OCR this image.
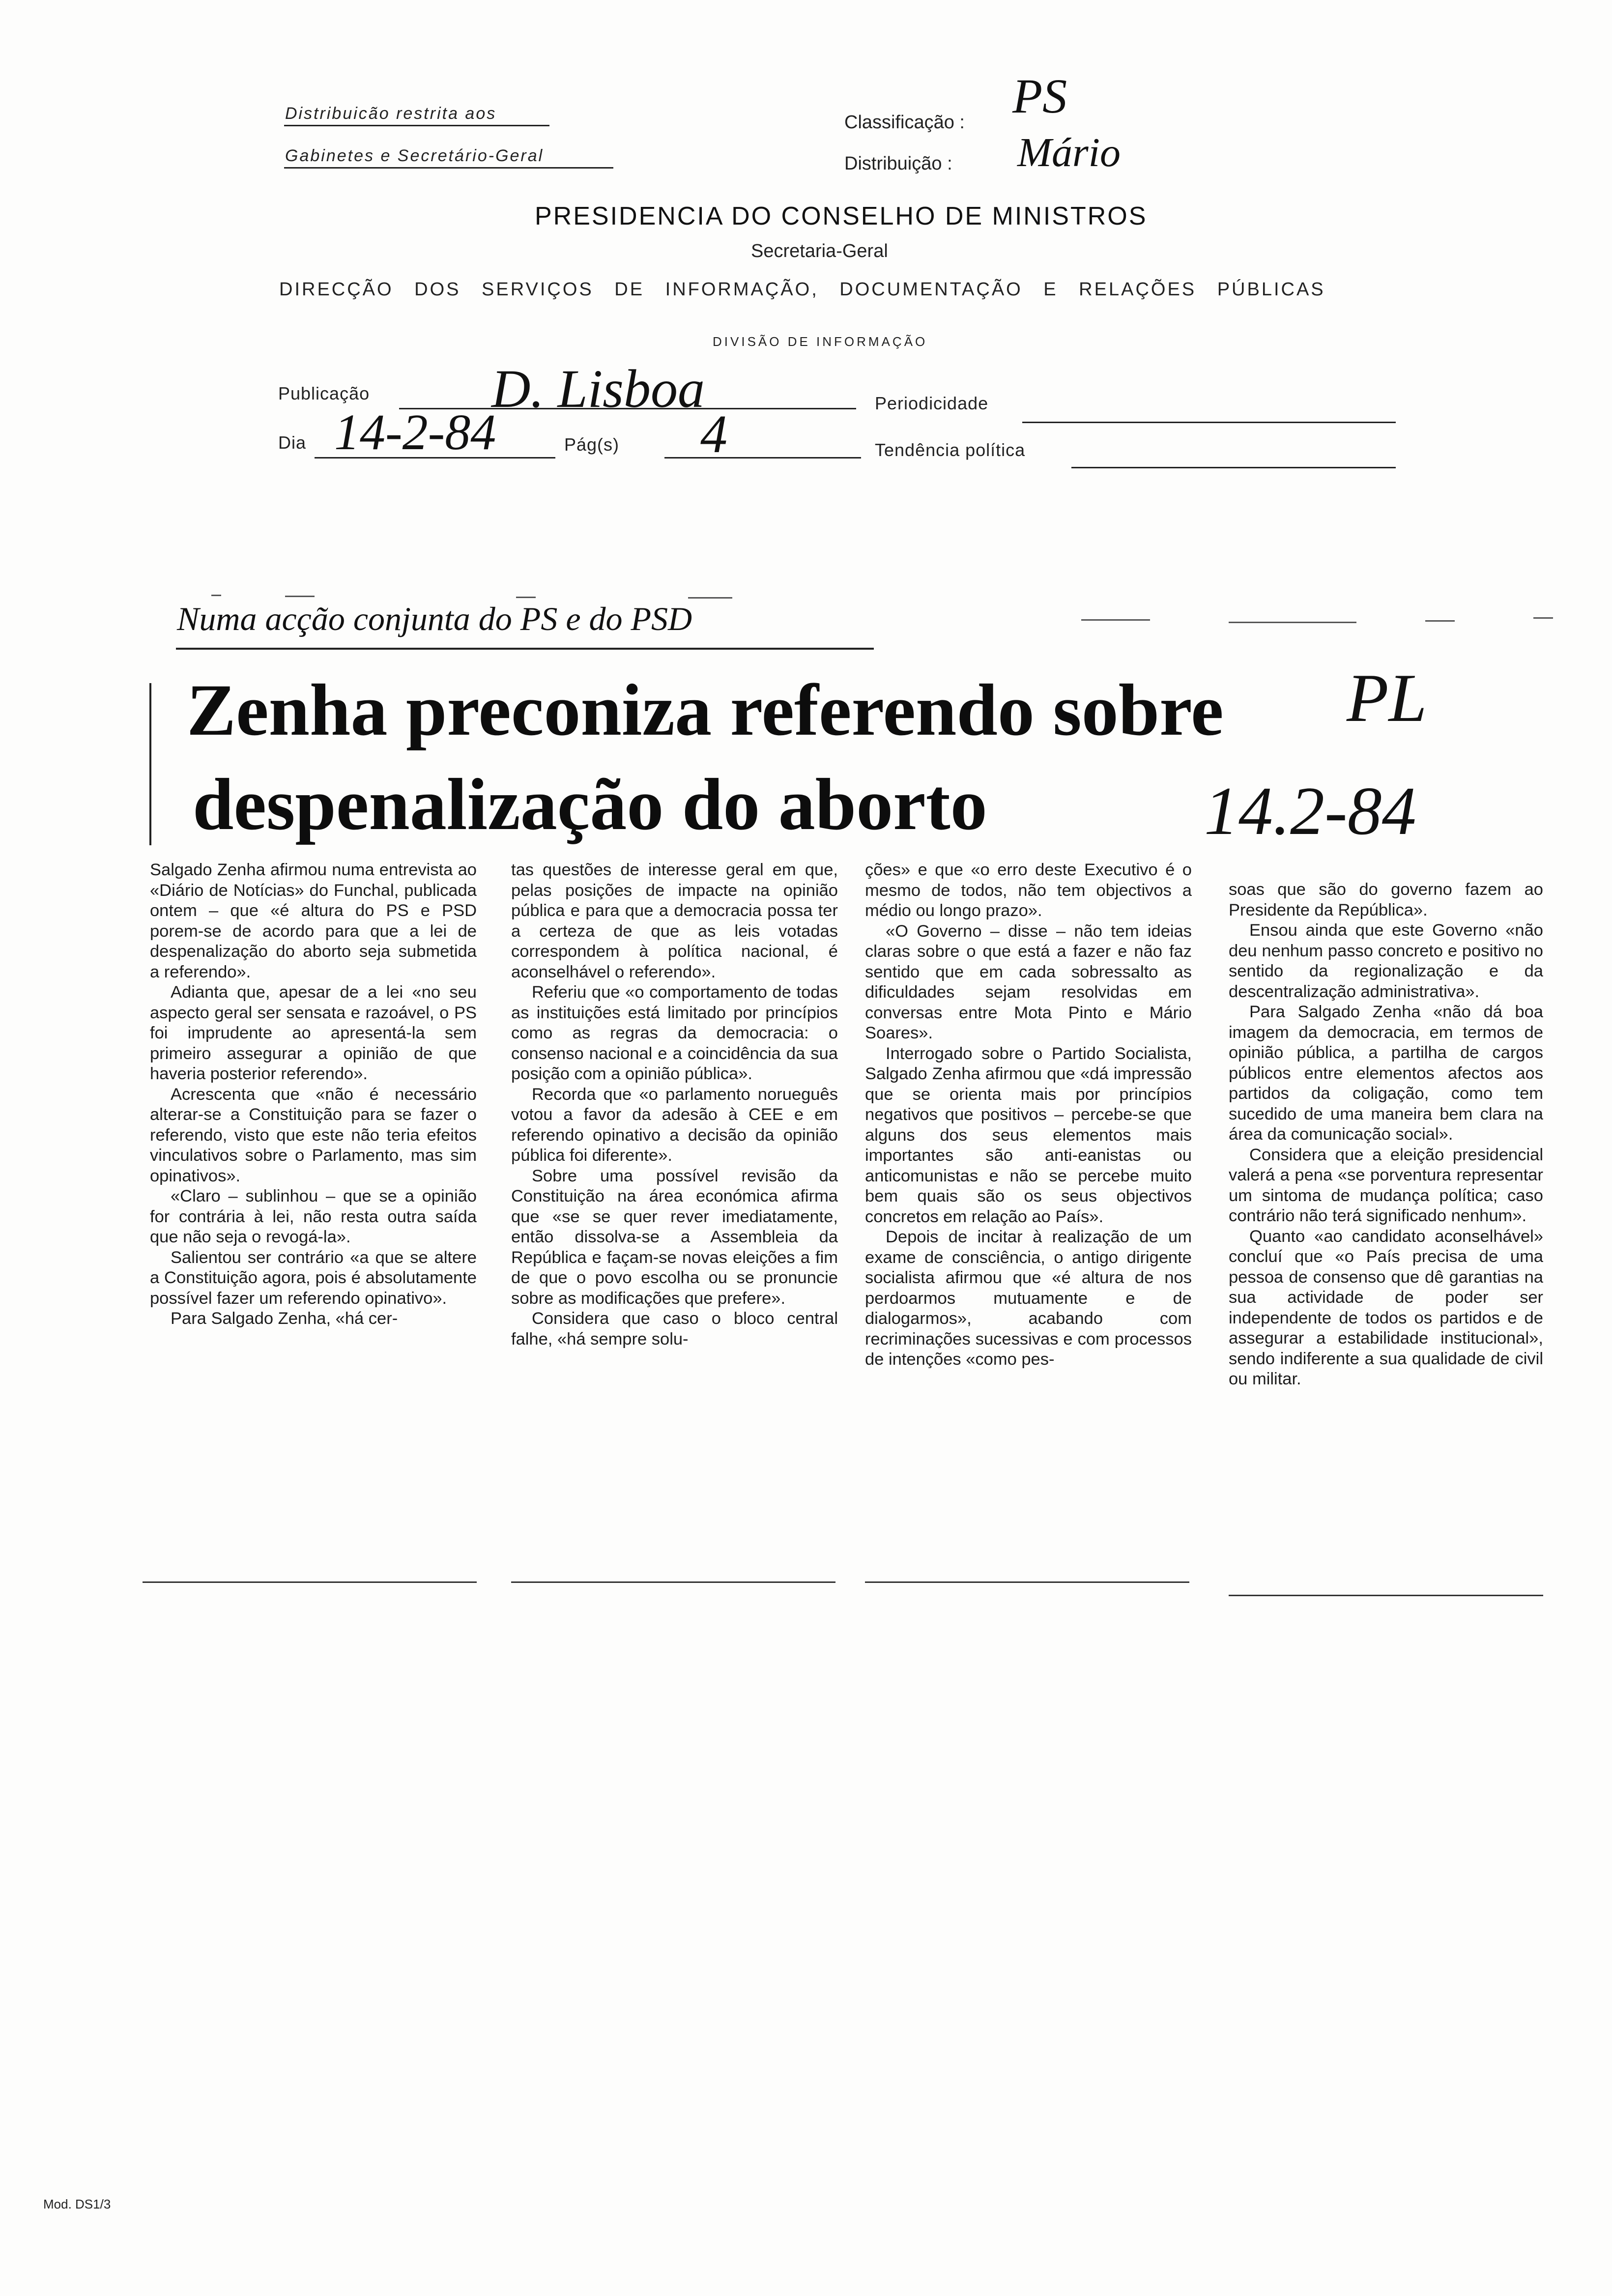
Distribuicão restrita aos
Gabinetes e Secretário-Geral
Classificação : PS
Distribuição : Mário
PRESIDENCIA DO CONSELHO DE MINISTROS
Secretaria-Geral
DIRECÇÃO DOS SERVIÇOS DE INFORMAÇÃO, DOCUMENTAÇÃO E RELAÇÕES PÚBLICAS
DIVISÃO DE INFORMAÇÃO
Publicação D. Lisboa	Periodicidade
Dia 14-2-84	Pág(s) 4	Tendência política
Numa acção conjunta do PS e do PSD
Zenha preconiza referendo sobre
despenalização do aborto
PL
14.2-84

Salgado Zenha afirmou numa entrevista ao «Diário de Notícias» do Funchal, publicada ontem – que «é altura do PS e PSD porem-se de acordo para que a lei de despenalização do aborto seja submetida a referendo».

Adianta que, apesar de a lei «no seu aspecto geral ser sensata e razoável, o PS foi imprudente ao apresentá-la sem primeiro assegurar a opinião de que haveria posterior referendo».

Acrescenta que «não é necessário alterar-se a Constituição para se fazer o referendo, visto que este não teria efeitos vinculativos sobre o Parlamento, mas sim opinativos».

«Claro – sublinhou – que se a opinião for contrária à lei, não resta outra saída que não seja o revogá-la».

Salientou ser contrário «a que se altere a Constituição agora, pois é absolutamente possível fazer um referendo opinativo».

Para Salgado Zenha, «há cer-

tas questões de interesse geral em que, pelas posições de impacte na opinião pública e para que a democracia possa ter a certeza de que as leis votadas correspondem à política nacional, é aconselhável o referendo».

Referiu que «o comportamento de todas as instituições está limitado por princípios como as regras da democracia: o consenso nacional e a coincidência da sua posição com a opinião pública».

Recorda que «o parlamento norueguês votou a favor da adesão à CEE e em referendo opinativo a decisão da opinião pública foi diferente».

Sobre uma possível revisão da Constituição na área económica afirma que «se se quer rever imediatamente, então dissolva-se a Assembleia da República e façam-se novas eleições a fim de que o povo escolha ou se pronuncie sobre as modificações que prefere».

Considera que caso o bloco central falhe, «há sempre solu-

ções» e que «o erro deste Executivo é o mesmo de todos, não tem objectivos a médio ou longo prazo».

«O Governo – disse – não tem ideias claras sobre o que está a fazer e não faz sentido que em cada sobressalto as dificuldades sejam resolvidas em conversas entre Mota Pinto e Mário Soares».

Interrogado sobre o Partido Socialista, Salgado Zenha afirmou que «dá impressão que se orienta mais por princípios negativos que positivos – percebe-se que alguns dos seus elementos mais importantes são anti-eanistas ou anticomunistas e não se percebe muito bem quais são os seus objectivos concretos em relação ao País».

Depois de incitar à realização de um exame de consciência, o antigo dirigente socialista afirmou que «é altura de nos perdoarmos mutuamente e de dialogarmos», acabando com recriminações sucessivas e com processos de intenções «como pes-

soas que são do governo fazem ao Presidente da República».

Ensou ainda que este Governo «não deu nenhum passo concreto e positivo no sentido da regionalização e da descentralização administrativa».

Para Salgado Zenha «não dá boa imagem da democracia, em termos de opinião pública, a partilha de cargos públicos entre elementos afectos aos partidos da coligação, como tem sucedido de uma maneira bem clara na área da comunicação social».

Considera que a eleição presidencial valerá a pena «se porventura representar um sintoma de mudança política; caso contrário não terá significado nenhum».

Quanto «ao candidato aconselhável» concluí que «o País precisa de uma pessoa de consenso que dê garantias na sua actividade de poder ser independente de todos os partidos e de assegurar a estabilidade institucional», sendo indiferente a sua qualidade de civil ou militar.

Mod. DS1/3
